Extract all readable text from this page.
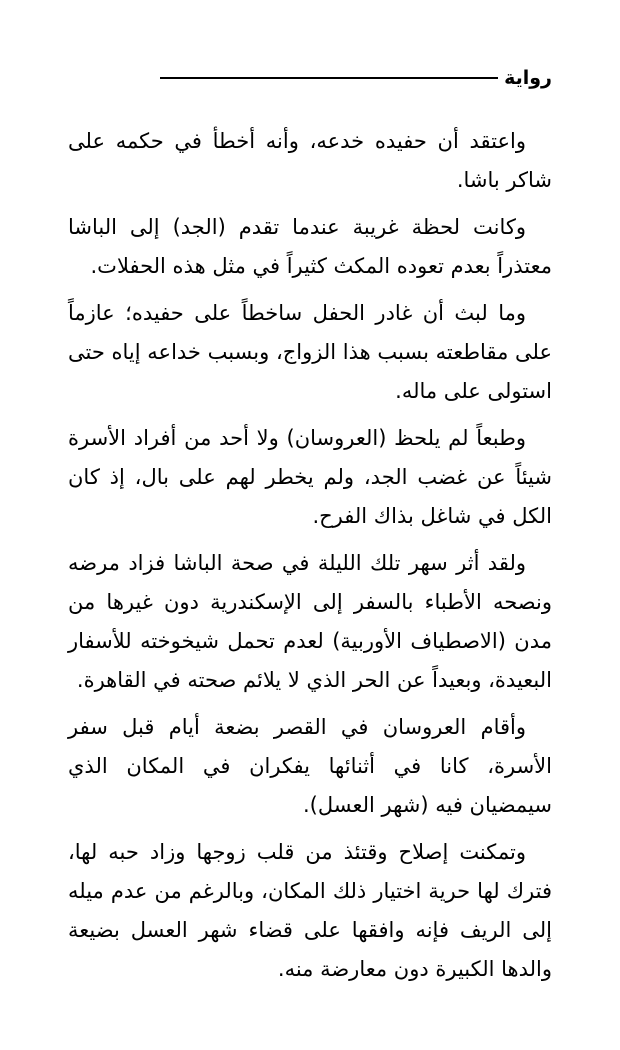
رواية

واعتقد أن حفيده خدعه، وأنه أخطأ في حكمه على شاكر باشا.

وكانت لحظة غريبة عندما تقدم (الجد) إلى الباشا معتذراً بعدم تعوده المكث كثيراً في مثل هذه الحفلات.

وما لبث أن غادر الحفل ساخطاً على حفيده؛ عازماً على مقاطعته بسبب هذا الزواج، وبسبب خداعه إياه حتى استولى على ماله.

وطبعاً لم يلحظ (العروسان) ولا أحد من أفراد الأسرة شيئاً عن غضب الجد، ولم يخطر لهم على بال، إذ كان الكل في شاغل بذاك الفرح.

ولقد أثر سهر تلك الليلة في صحة الباشا فزاد مرضه ونصحه الأطباء بالسفر إلى الإسكندرية دون غيرها من مدن (الاصطياف الأوربية) لعدم تحمل شيخوخته للأسفار البعيدة، وبعيداً عن الحر الذي لا يلائم صحته في القاهرة.

وأقام العروسان في القصر بضعة أيام قبل سفر الأسرة، كانا في أثنائها يفكران في المكان الذي سيمضيان فيه (شهر العسل).

وتمكنت إصلاح وقتئذ من قلب زوجها وزاد حبه لها، فترك لها حرية اختيار ذلك المكان، وبالرغم من عدم ميله إلى الريف فإنه وافقها على قضاء شهر العسل بضيعة والدها الكبيرة دون معارضة منه.
